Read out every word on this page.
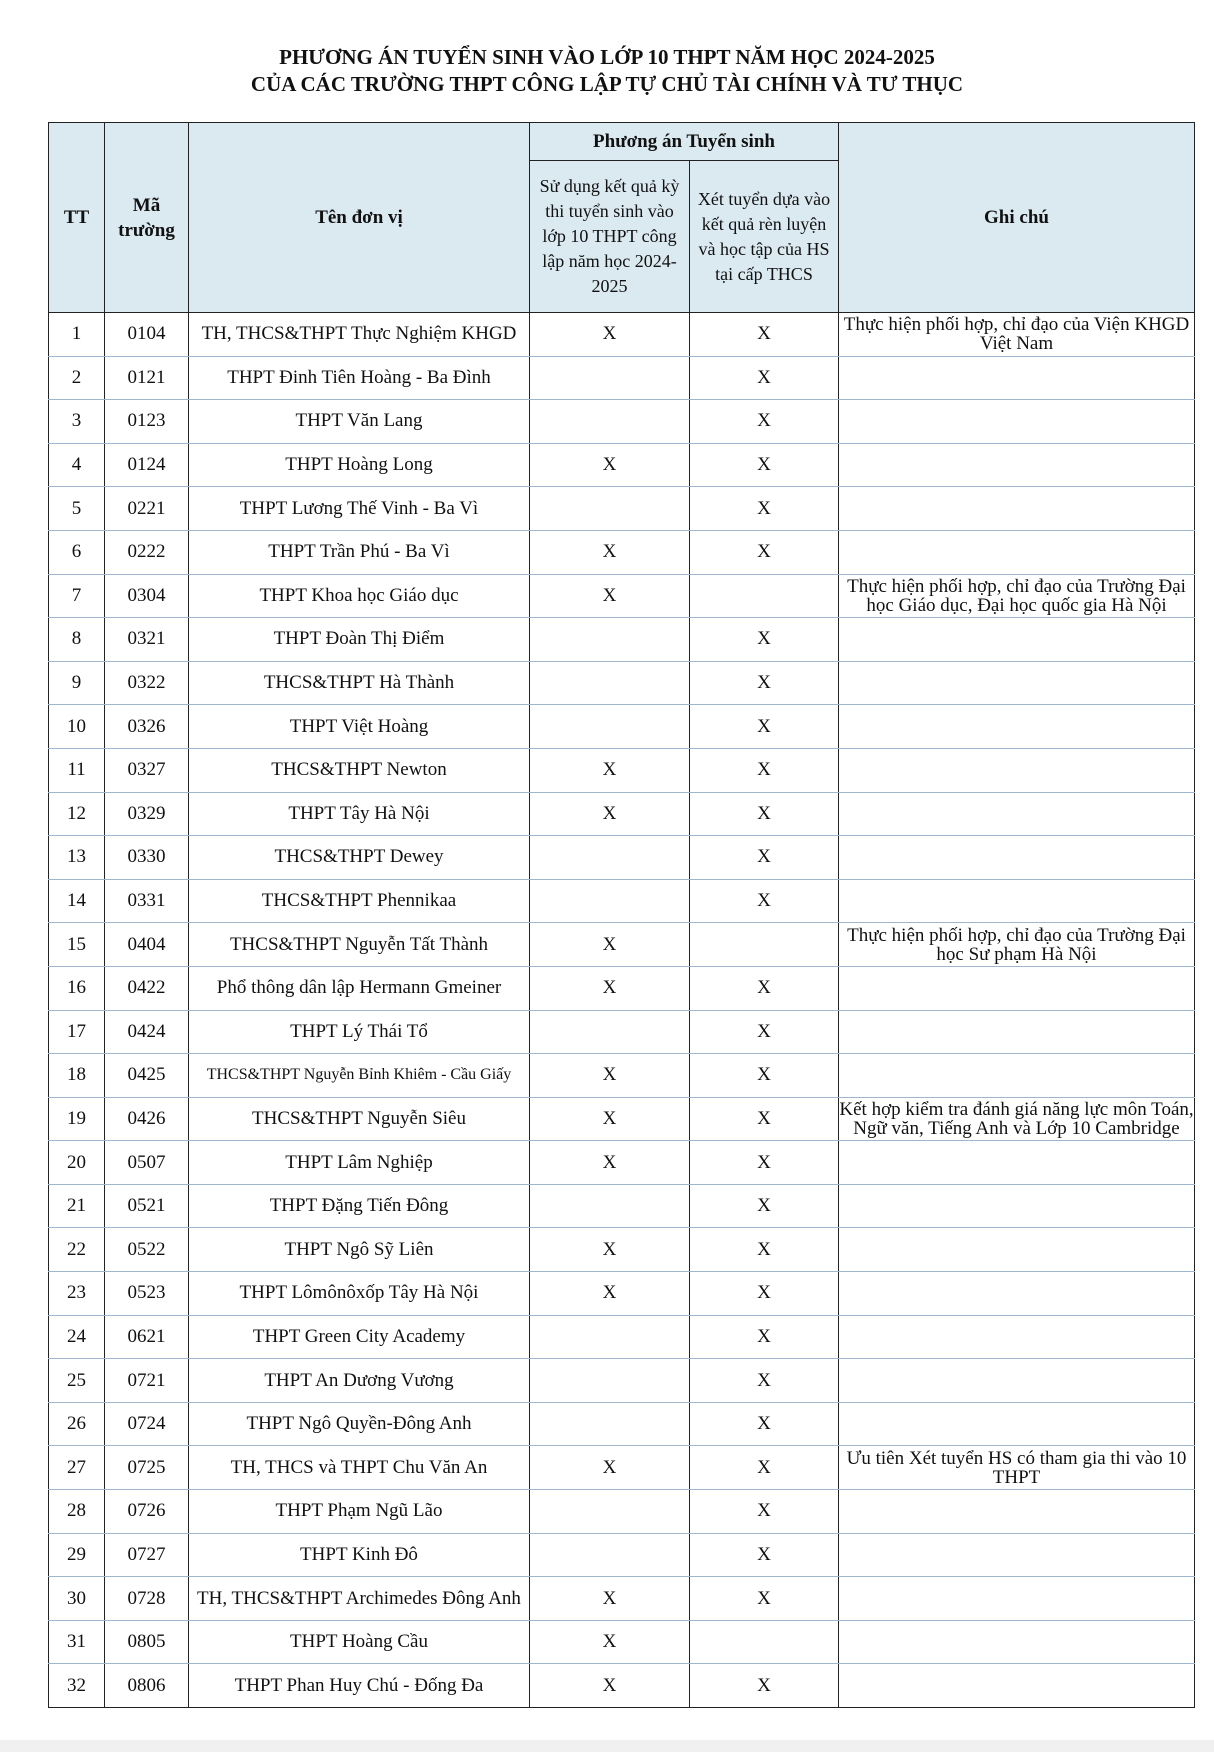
PHƯƠNG ÁN TUYỂN SINH VÀO LỚP 10 THPT NĂM HỌC 2024-2025
CỦA CÁC TRƯỜNG THPT CÔNG LẬP TỰ CHỦ TÀI CHÍNH VÀ TƯ THỤC
TT	Mã trường	Tên đơn vị	Phương án Tuyển sinh		Ghi chú
			Sử dụng kết quả kỳ thi tuyển sinh vào lớp 10 THPT công lập năm học 2024-2025	Xét tuyển dựa vào kết quả rèn luyện và học tập của HS tại cấp THCS	
1	0104	TH, THCS&THPT Thực Nghiệm KHGD	X	X	Thực hiện phối hợp, chỉ đạo của Viện KHGD Việt Nam
2	0121	THPT Đinh Tiên Hoàng - Ba Đình		X	
3	0123	THPT Văn Lang		X	
4	0124	THPT Hoàng Long	X	X	
5	0221	THPT Lương Thế Vinh - Ba Vì		X	
6	0222	THPT Trần Phú - Ba Vì	X	X	
7	0304	THPT Khoa học Giáo dục	X		Thực hiện phối hợp, chỉ đạo của Trường Đại học Giáo dục, Đại học quốc gia Hà Nội
8	0321	THPT Đoàn Thị Điểm		X	
9	0322	THCS&THPT Hà Thành		X	
10	0326	THPT Việt Hoàng		X	
11	0327	THCS&THPT Newton	X	X	
12	0329	THPT Tây Hà Nội	X	X	
13	0330	THCS&THPT Dewey		X	
14	0331	THCS&THPT Phennikaa		X	
15	0404	THCS&THPT Nguyễn Tất Thành	X		Thực hiện phối hợp, chỉ đạo của Trường Đại học Sư phạm Hà Nội
16	0422	Phổ thông dân lập Hermann Gmeiner	X	X	
17	0424	THPT Lý Thái Tổ		X	
18	0425	THCS&THPT Nguyễn Bỉnh Khiêm - Cầu Giấy	X	X	
19	0426	THCS&THPT Nguyễn Siêu	X	X	Kết hợp kiểm tra đánh giá năng lực môn Toán, Ngữ văn, Tiếng Anh và Lớp 10 Cambridge
20	0507	THPT Lâm Nghiệp	X	X	
21	0521	THPT Đặng Tiến Đông		X	
22	0522	THPT Ngô Sỹ Liên	X	X	
23	0523	THPT Lômônôxốp Tây Hà Nội	X	X	
24	0621	THPT Green City Academy		X	
25	0721	THPT An Dương Vương		X	
26	0724	THPT Ngô Quyền-Đông Anh		X	
27	0725	TH, THCS và THPT Chu Văn An	X	X	Ưu tiên Xét tuyển HS có tham gia thi vào 10 THPT
28	0726	THPT Phạm Ngũ Lão		X	
29	0727	THPT Kinh Đô		X	
30	0728	TH, THCS&THPT Archimedes Đông Anh	X	X	
31	0805	THPT Hoàng Cầu	X		
32	0806	THPT Phan Huy Chú - Đống Đa	X	X	
